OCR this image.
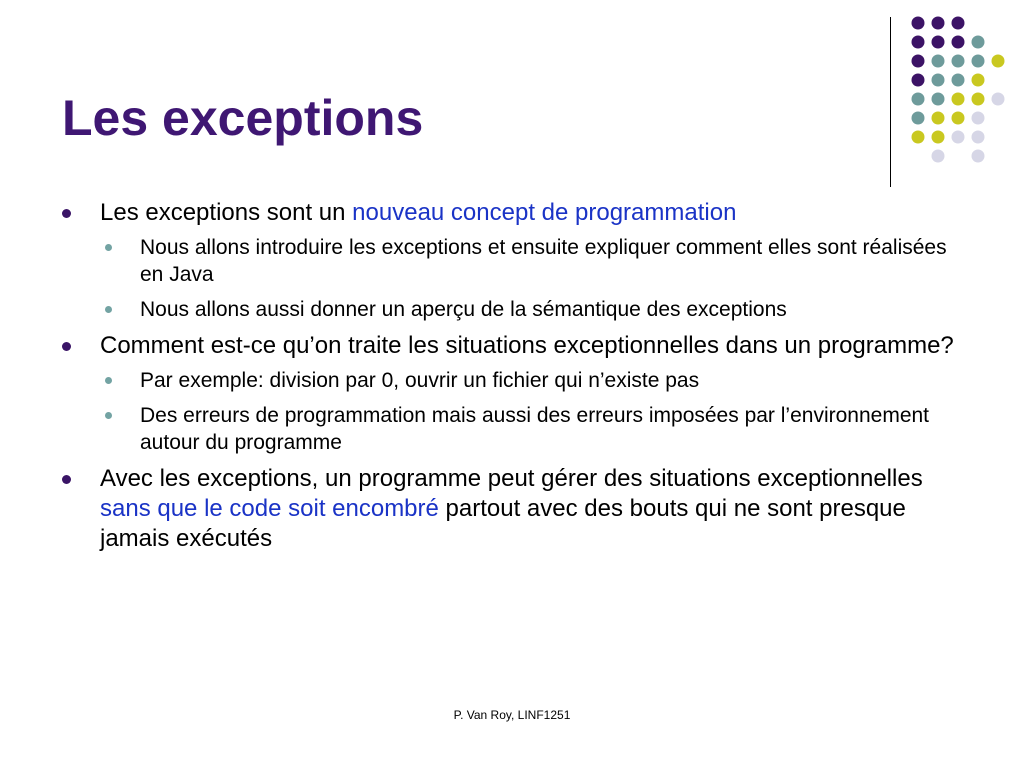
Les exceptions
Les exceptions sont un nouveau concept de programmation
Nous allons introduire les exceptions et ensuite expliquer comment elles sont réalisées en Java
Nous allons aussi donner un aperçu de la sémantique des exceptions
Comment est-ce qu’on traite les situations exceptionnelles dans un programme?
Par exemple: division par 0, ouvrir un fichier qui n’existe pas
Des erreurs de programmation mais aussi des erreurs imposées par l’environnement autour du programme
Avec les exceptions, un programme peut gérer des situations exceptionnelles sans que le code soit encombré partout avec des bouts qui ne sont presque jamais exécutés
P. Van Roy, LINF1251
